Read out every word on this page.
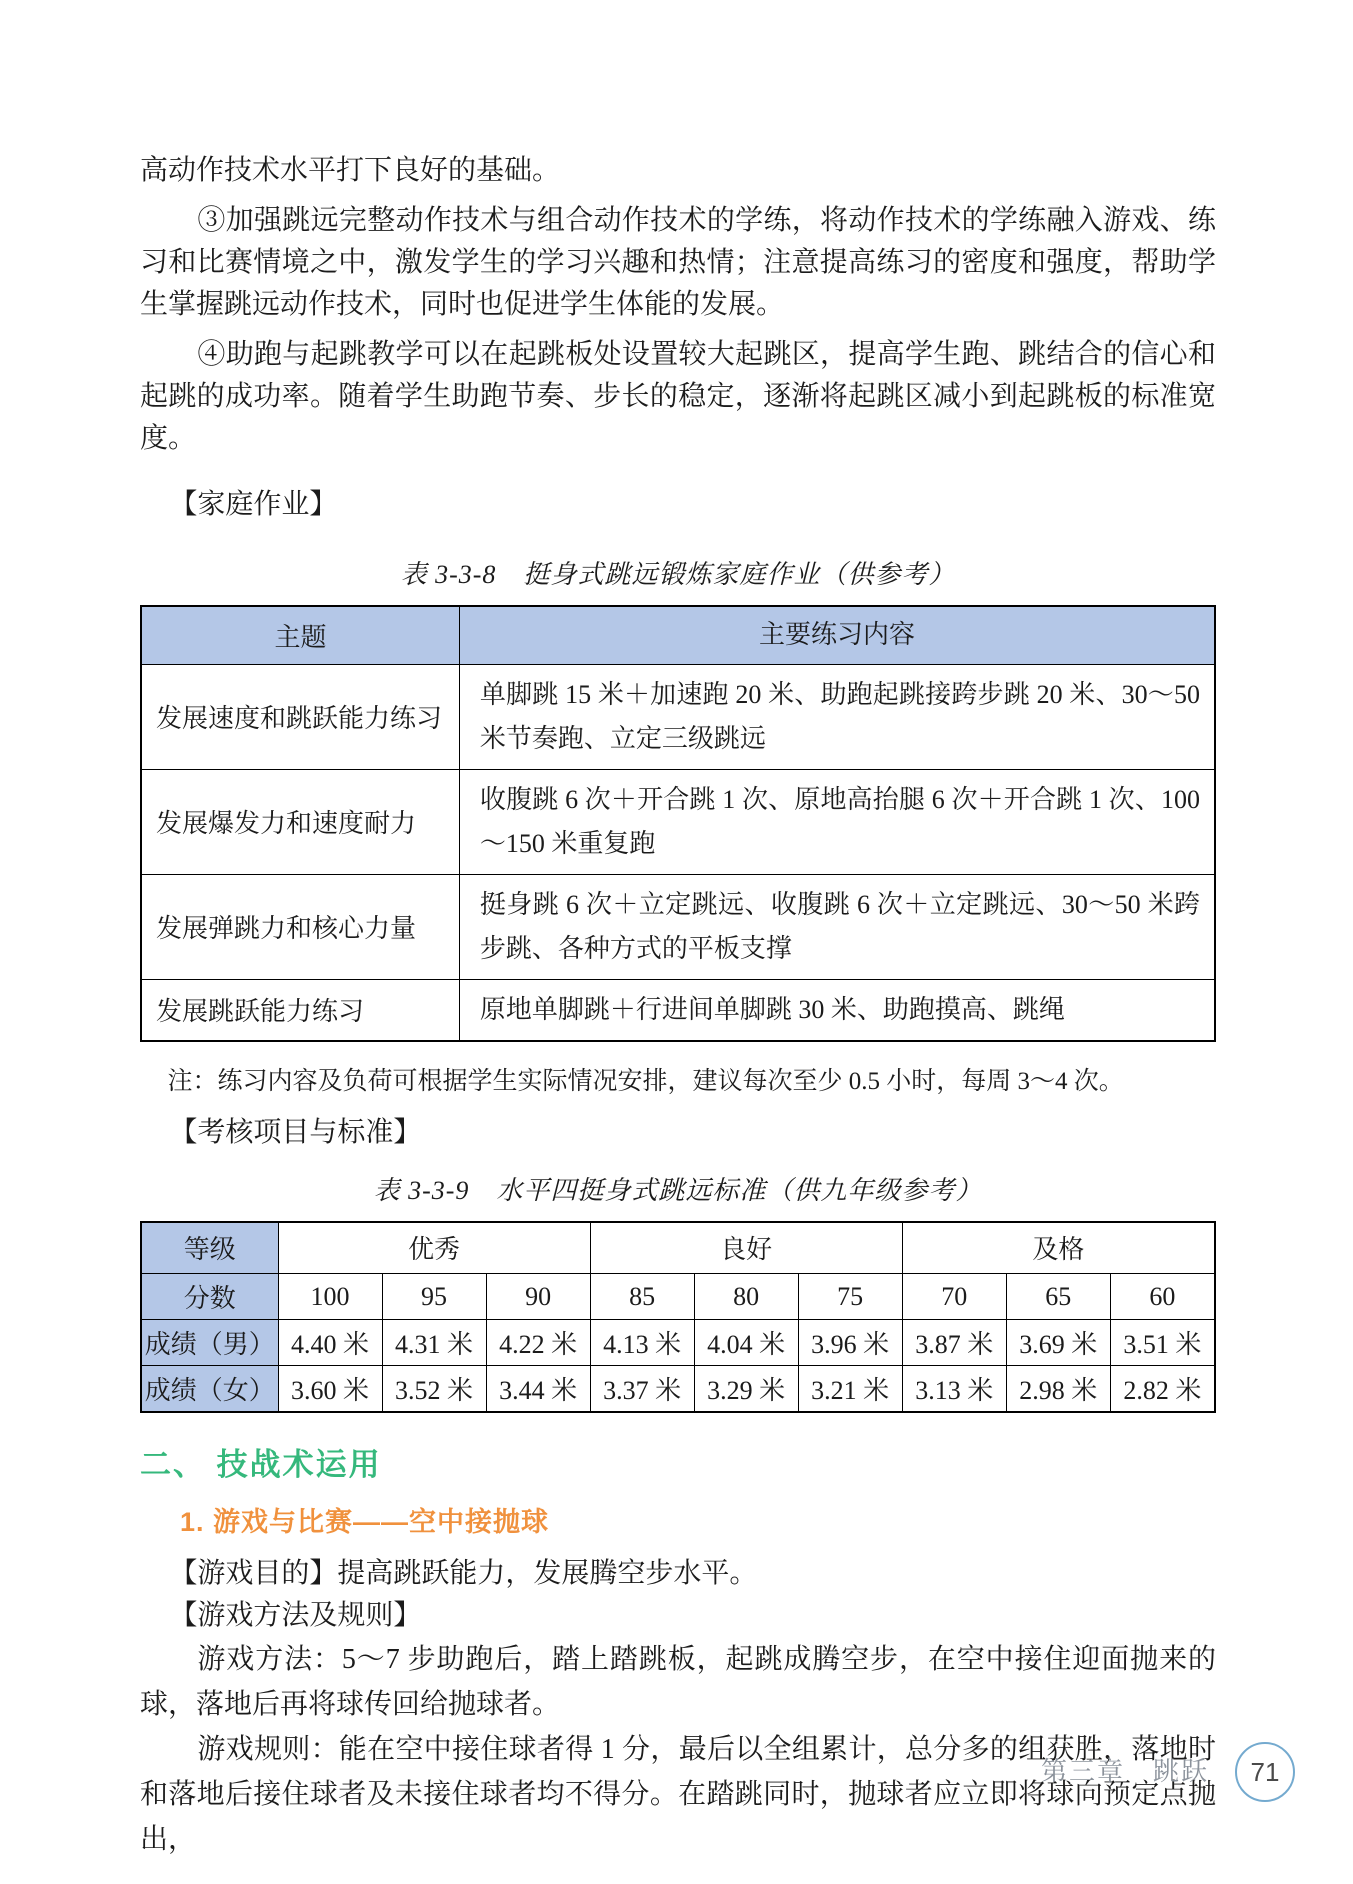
高动作技术水平打下良好的基础。

③加强跳远完整动作技术与组合动作技术的学练，将动作技术的学练融入游戏、练习和比赛情境之中，激发学生的学习兴趣和热情；注意提高练习的密度和强度，帮助学生掌握跳远动作技术，同时也促进学生体能的发展。

④助跑与起跳教学可以在起跳板处设置较大起跳区，提高学生跑、跳结合的信心和起跳的成功率。随着学生助跑节奏、步长的稳定，逐渐将起跳区减小到起跳板的标准宽度。

【家庭作业】

表 3-3-8　挺身式跳远锻炼家庭作业（供参考）
主题	主要练习内容
发展速度和跳跃能力练习	单脚跳 15 米＋加速跑 20 米、助跑起跳接跨步跳 20 米、30～50 米节奏跑、立定三级跳远
发展爆发力和速度耐力	收腹跳 6 次＋开合跳 1 次、原地高抬腿 6 次＋开合跳 1 次、100～150 米重复跑
发展弹跳力和核心力量	挺身跳 6 次＋立定跳远、收腹跳 6 次＋立定跳远、30～50 米跨步跳、各种方式的平板支撑
发展跳跃能力练习	原地单脚跳＋行进间单脚跳 30 米、助跑摸高、跳绳

注：练习内容及负荷可根据学生实际情况安排，建议每次至少 0.5 小时，每周 3～4 次。

【考核项目与标准】

表 3-3-9　水平四挺身式跳远标准（供九年级参考）
等级	优秀			良好			及格		
分数	100	95	90	85	80	75	70	65	60
成绩（男）	4.40 米	4.31 米	4.22 米	4.13 米	4.04 米	3.96 米	3.87 米	3.69 米	3.51 米
成绩（女）	3.60 米	3.52 米	3.44 米	3.37 米	3.29 米	3.21 米	3.13 米	2.98 米	2.82 米
二、 技战术运用
1. 游戏与比赛——空中接抛球

【游戏目的】提高跳跃能力，发展腾空步水平。

【游戏方法及规则】

游戏方法：5～7 步助跑后，踏上踏跳板，起跳成腾空步，在空中接住迎面抛来的球，落地后再将球传回给抛球者。

游戏规则：能在空中接住球者得 1 分，最后以全组累计，总分多的组获胜，落地时和落地后接住球者及未接住球者均不得分。在踏跳同时，抛球者应立即将球向预定点抛出，

第三章　跳跃 71
